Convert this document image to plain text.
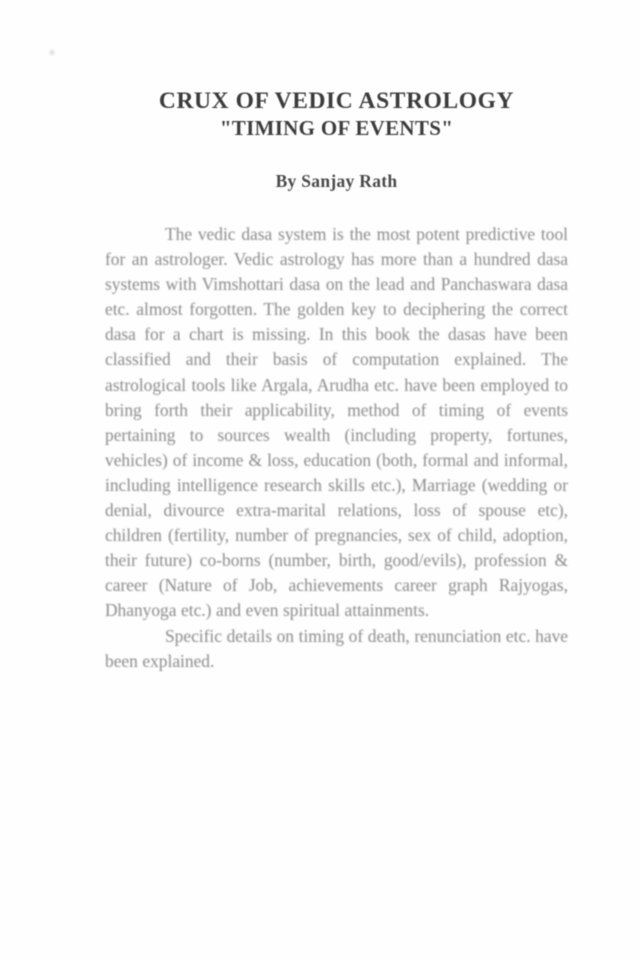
CRUX OF VEDIC ASTROLOGY
"TIMING OF EVENTS"
By Sanjay Rath

The vedic dasa system is the most potent predictive tool for an astrologer. Vedic astrology has more than a hundred dasa systems with Vimshottari dasa on the lead and Panchaswara dasa etc. almost forgotten. The golden key to deciphering the correct dasa for a chart is missing. In this book the dasas have been classified and their basis of computation explained. The astrological tools like Argala, Arudha etc. have been employed to bring forth their applicability, method of timing of events pertaining to sources wealth (including property, fortunes, vehicles) of income & loss, education (both, formal and informal, including intelligence research skills etc.), Marriage (wedding or denial, divource extra-marital relations, loss of spouse etc), children (fertility, number of pregnancies, sex of child, adoption, their future) co-borns (number, birth, good/evils), profession & career (Nature of Job, achievements career graph Rajyogas, Dhanyoga etc.) and even spiritual attainments.

Specific details on timing of death, renunciation etc. have been explained.
